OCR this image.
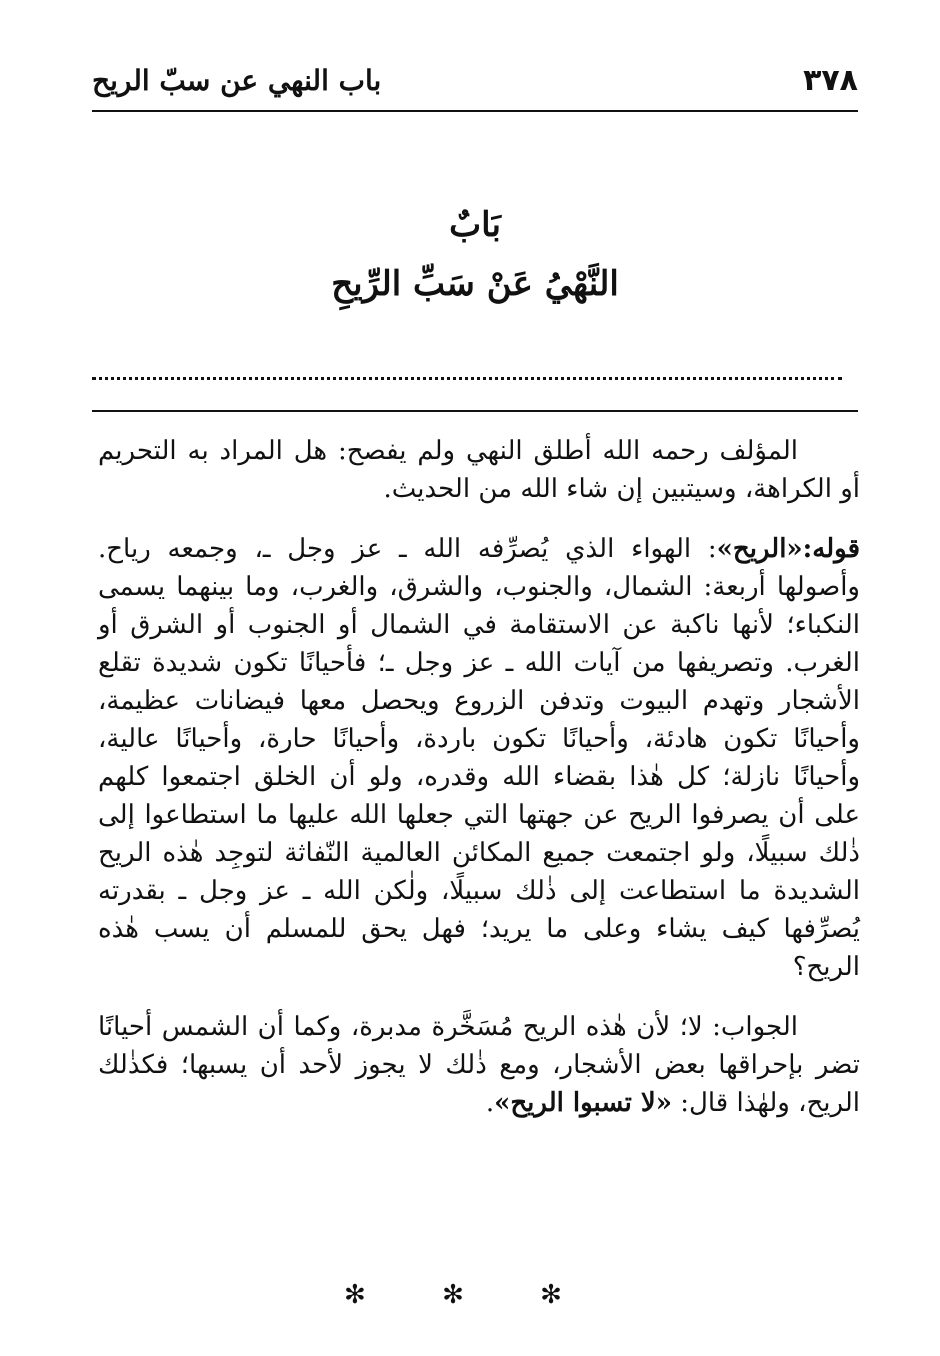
٣٧٨
باب النهي عن سبّ الريح
بَابٌ
النَّهْيُ عَنْ سَبِّ الرِّيحِ

المؤلف رحمه الله أطلق النهي ولم يفصح: هل المراد به التحريم أو الكراهة، وسيتبين إن شاء الله من الحديث.

قوله:«الريح»: الهواء الذي يُصرِّفه الله ـ عز وجل ـ، وجمعه رياح. وأصولها أربعة: الشمال، والجنوب، والشرق، والغرب، وما بينهما يسمى النكباء؛ لأنها ناكبة عن الاستقامة في الشمال أو الجنوب أو الشرق أو الغرب. وتصريفها من آيات الله ـ عز وجل ـ؛ فأحيانًا تكون شديدة تقلع الأشجار وتهدم البيوت وتدفن الزروع ويحصل معها فيضانات عظيمة، وأحيانًا تكون هادئة، وأحيانًا تكون باردة، وأحيانًا حارة، وأحيانًا عالية، وأحيانًا نازلة؛ كل هٰذا بقضاء الله وقدره، ولو أن الخلق اجتمعوا كلهم على أن يصرفوا الريح عن جهتها التي جعلها الله عليها ما استطاعوا إلى ذٰلك سبيلًا، ولو اجتمعت جميع المكائن العالمية النّفاثة لتوجِد هٰذه الريح الشديدة ما استطاعت إلى ذٰلك سبيلًا، ولٰكن الله ـ عز وجل ـ بقدرته يُصرِّفها كيف يشاء وعلى ما يريد؛ فهل يحق للمسلم أن يسب هٰذه الريح؟

الجواب: لا؛ لأن هٰذه الريح مُسَخَّرة مدبرة، وكما أن الشمس أحيانًا تضر بإحراقها بعض الأشجار، ومع ذٰلك لا يجوز لأحد أن يسبها؛ فكذٰلك الريح، ولهٰذا قال: «لا تسبوا الريح».

✻ ✻ ✻
